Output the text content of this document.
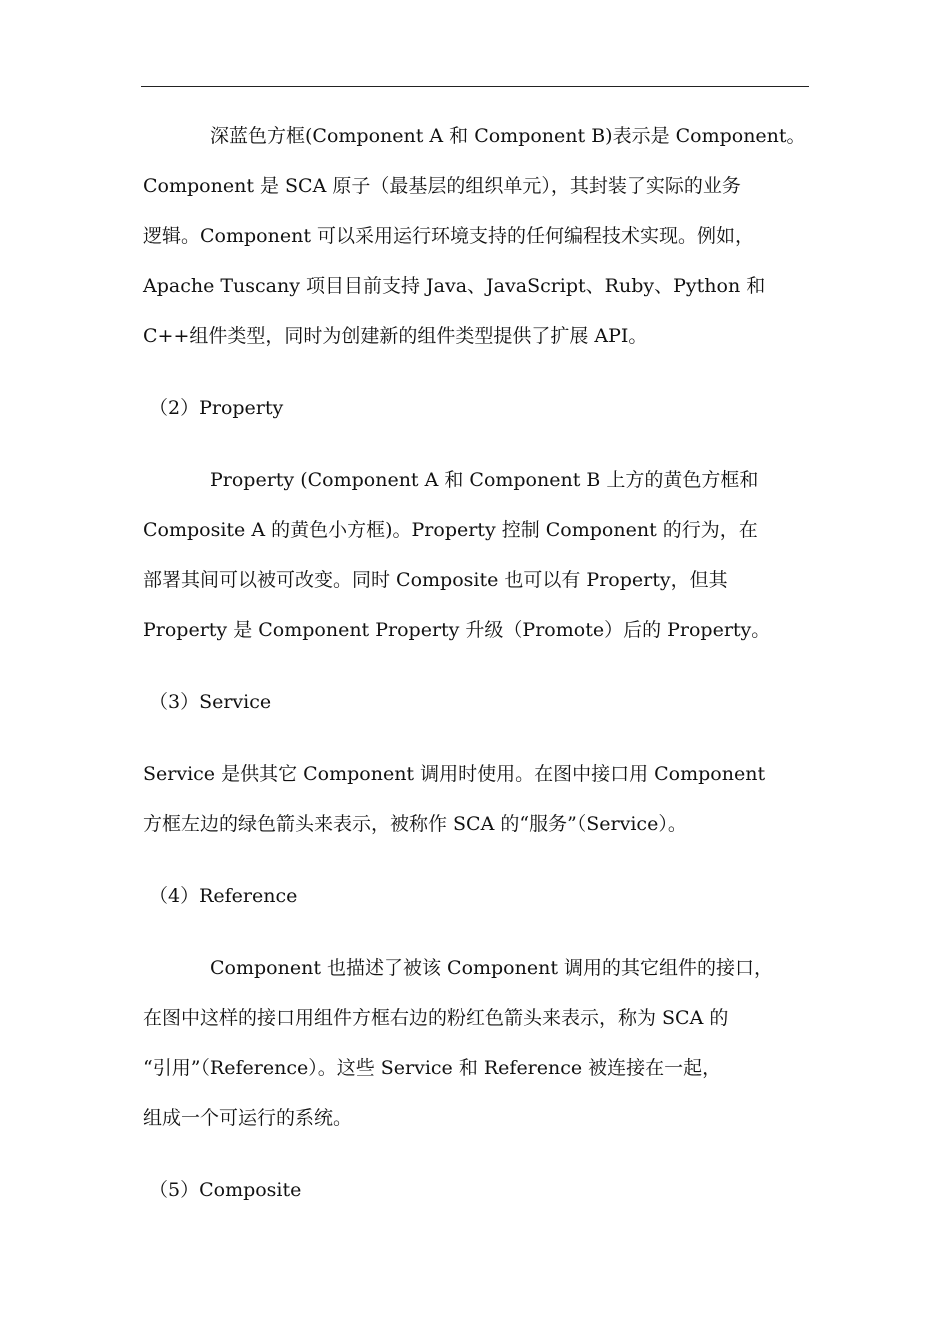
深蓝色方框(Component A 和 Component B)表示是 Component。
Component 是 SCA 原子（最基层的组织单元），其封装了实际的业务
逻辑。Component 可以采用运行环境支持的任何编程技术实现。例如，
Apache Tuscany 项目目前支持 Java、JavaScript、Ruby、Python 和
C++组件类型，同时为创建新的组件类型提供了扩展 API。
（2）Property
Property (Component A 和 Component B 上方的黄色方框和
Composite A 的黄色小方框)。Property 控制 Component 的行为，在
部署其间可以被可改变。同时 Composite 也可以有 Property，但其
Property 是 Component Property 升级（Promote）后的 Property。
（3）Service
Service 是供其它 Component 调用时使用。在图中接口用 Component
方框左边的绿色箭头来表示，被称作 SCA 的“服务”（Service）。
（4）Reference
Component 也描述了被该 Component 调用的其它组件的接口，
在图中这样的接口用组件方框右边的粉红色箭头来表示，称为 SCA 的
“引用”（Reference）。这些 Service 和 Reference 被连接在一起，
组成一个可运行的系统。
（5）Composite
